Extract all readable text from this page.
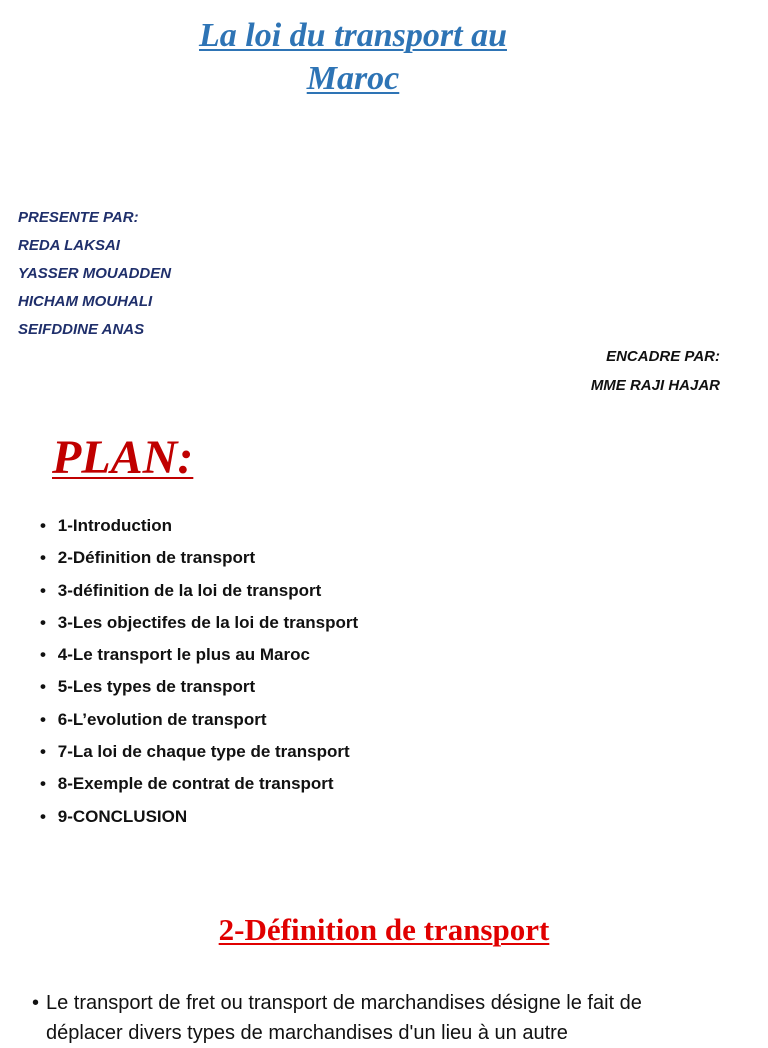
La loi du transport au
Maroc
PRESENTE PAR:
REDA LAKSAI
YASSER MOUADDEN
HICHAM MOUHALI
SEIFDDINE ANAS
ENCADRE PAR:
MME RAJI HAJAR
PLAN:
• 1-Introduction
• 2-Définition de transport
• 3-définition de la loi de transport
• 3-Les objectifes de la loi de transport
• 4-Le transport le plus au Maroc
• 5-Les types de transport
• 6-L’evolution de transport
• 7-La loi de chaque type de transport
• 8-Exemple de contrat de transport
• 9-CONCLUSION
2-Définition de transport
• Le transport de fret ou transport de marchandises désigne le fait de
déplacer divers types de marchandises d'un lieu à un autre
